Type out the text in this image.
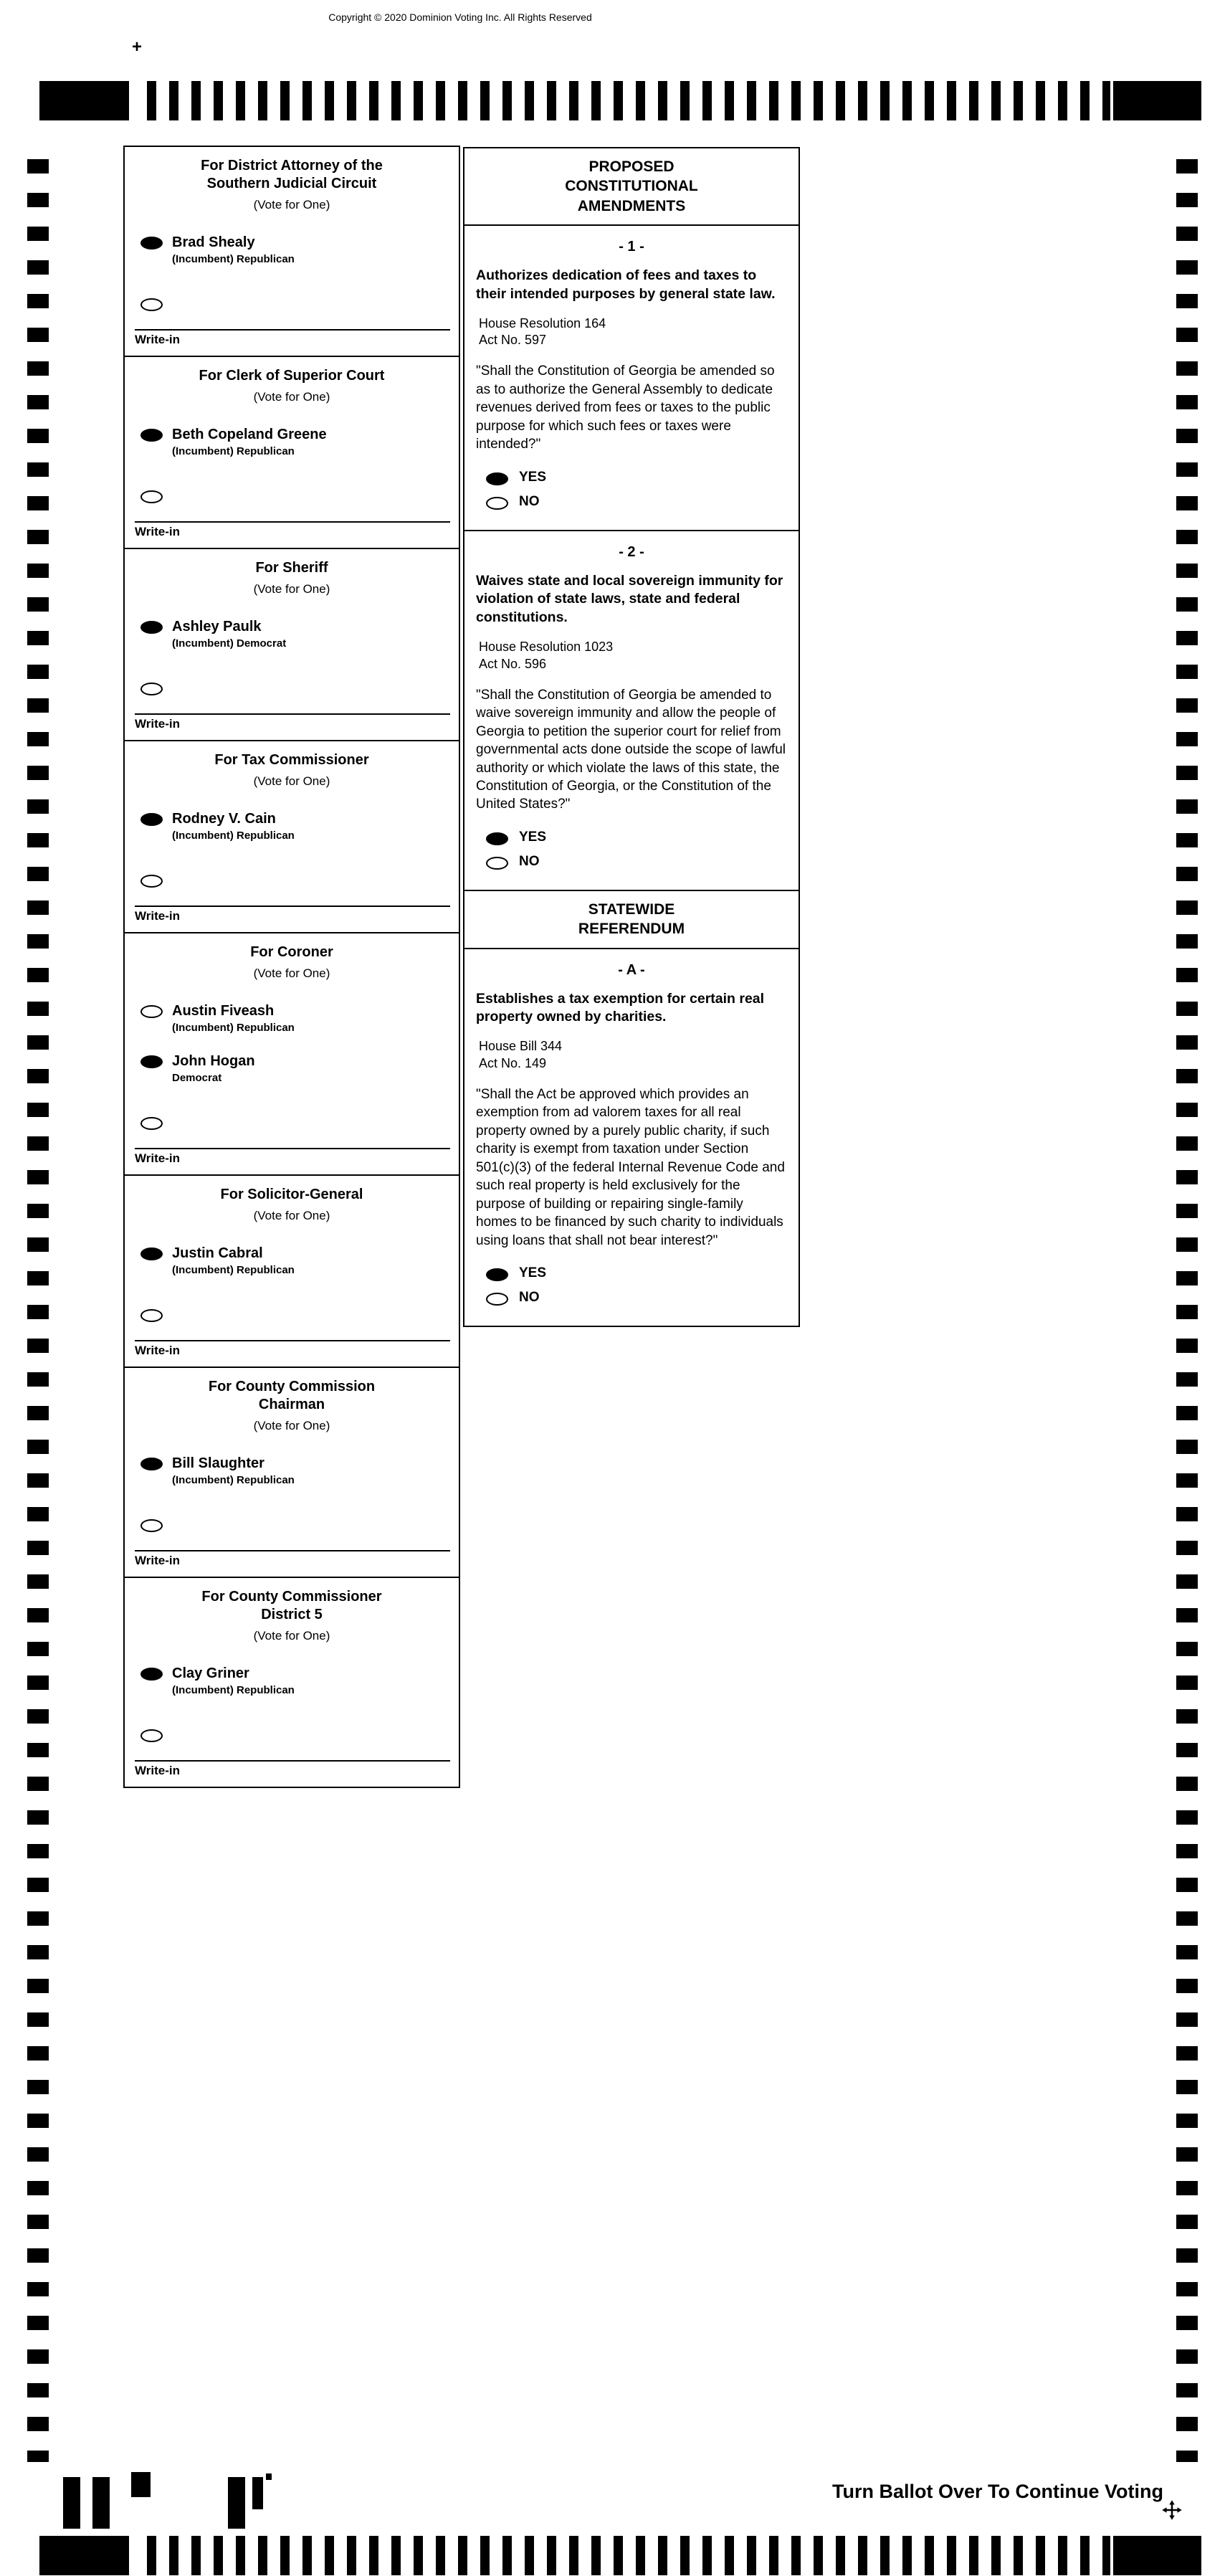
Copyright © 2020 Dominion Voting Inc. All Rights Reserved
+
For District Attorney of the Southern Judicial Circuit
(Vote for One)
Brad Shealy
(Incumbent) Republican
Write-in
For Clerk of Superior Court
(Vote for One)
Beth Copeland Greene
(Incumbent) Republican
Write-in
For Sheriff
(Vote for One)
Ashley Paulk
(Incumbent) Democrat
Write-in
For Tax Commissioner
(Vote for One)
Rodney V. Cain
(Incumbent) Republican
Write-in
For Coroner
(Vote for One)
Austin Fiveash
(Incumbent) Republican
John Hogan
Democrat
Write-in
For Solicitor-General
(Vote for One)
Justin Cabral
(Incumbent) Republican
Write-in
For County Commission Chairman
(Vote for One)
Bill Slaughter
(Incumbent) Republican
Write-in
For County Commissioner District 5
(Vote for One)
Clay Griner
(Incumbent) Republican
Write-in
PROPOSED CONSTITUTIONAL AMENDMENTS
- 1 -
Authorizes dedication of fees and taxes to their intended purposes by general state law.
House Resolution 164
Act No. 597
"Shall the Constitution of Georgia be amended so as to authorize the General Assembly to dedicate revenues derived from fees or taxes to the public purpose for which such fees or taxes were intended?"
YES
NO
- 2 -
Waives state and local sovereign immunity for violation of state laws, state and federal constitutions.
House Resolution 1023
Act No. 596
"Shall the Constitution of Georgia be amended to waive sovereign immunity and allow the people of Georgia to petition the superior court for relief from governmental acts done outside the scope of lawful authority or which violate the laws of this state, the Constitution of Georgia, or the Constitution of the United States?"
YES
NO
STATEWIDE REFERENDUM
- A -
Establishes a tax exemption for certain real property owned by charities.
House Bill 344
Act No. 149
"Shall the Act be approved which provides an exemption from ad valorem taxes for all real property owned by a purely public charity, if such charity is exempt from taxation under Section 501(c)(3) of the federal Internal Revenue Code and such real property is held exclusively for the purpose of building or repairing single-family homes to be financed by such charity to individuals using loans that shall not bear interest?"
YES
NO
Turn Ballot Over To Continue Voting
